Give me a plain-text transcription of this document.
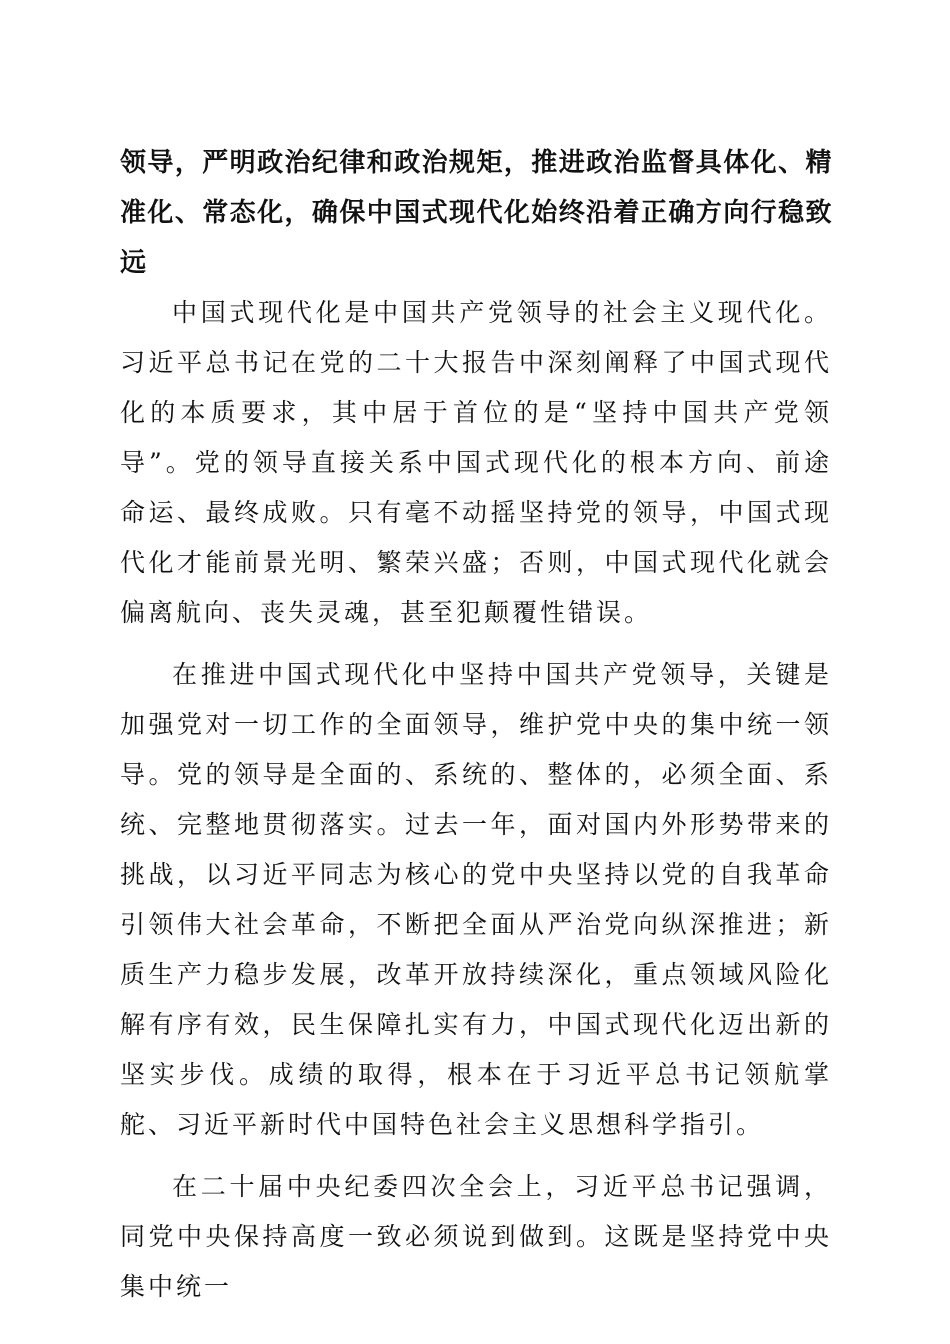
领导，严明政治纪律和政治规矩，推进政治监督具体化、精准化、常态化，确保中国式现代化始终沿着正确方向行稳致远

中国式现代化是中国共产党领导的社会主义现代化。习近平总书记在党的二十大报告中深刻阐释了中国式现代化的本质要求，其中居于首位的是“坚持中国共产党领导”。党的领导直接关系中国式现代化的根本方向、前途命运、最终成败。只有毫不动摇坚持党的领导，中国式现代化才能前景光明、繁荣兴盛；否则，中国式现代化就会偏离航向、丧失灵魂，甚至犯颠覆性错误。

在推进中国式现代化中坚持中国共产党领导，关键是加强党对一切工作的全面领导，维护党中央的集中统一领导。党的领导是全面的、系统的、整体的，必须全面、系统、完整地贯彻落实。过去一年，面对国内外形势带来的挑战，以习近平同志为核心的党中央坚持以党的自我革命引领伟大社会革命，不断把全面从严治党向纵深推进；新质生产力稳步发展，改革开放持续深化，重点领域风险化解有序有效，民生保障扎实有力，中国式现代化迈出新的坚实步伐。成绩的取得，根本在于习近平总书记领航掌舵、习近平新时代中国特色社会主义思想科学指引。

在二十届中央纪委四次全会上，习近平总书记强调，同党中央保持高度一致必须说到做到。这既是坚持党中央集中统一
